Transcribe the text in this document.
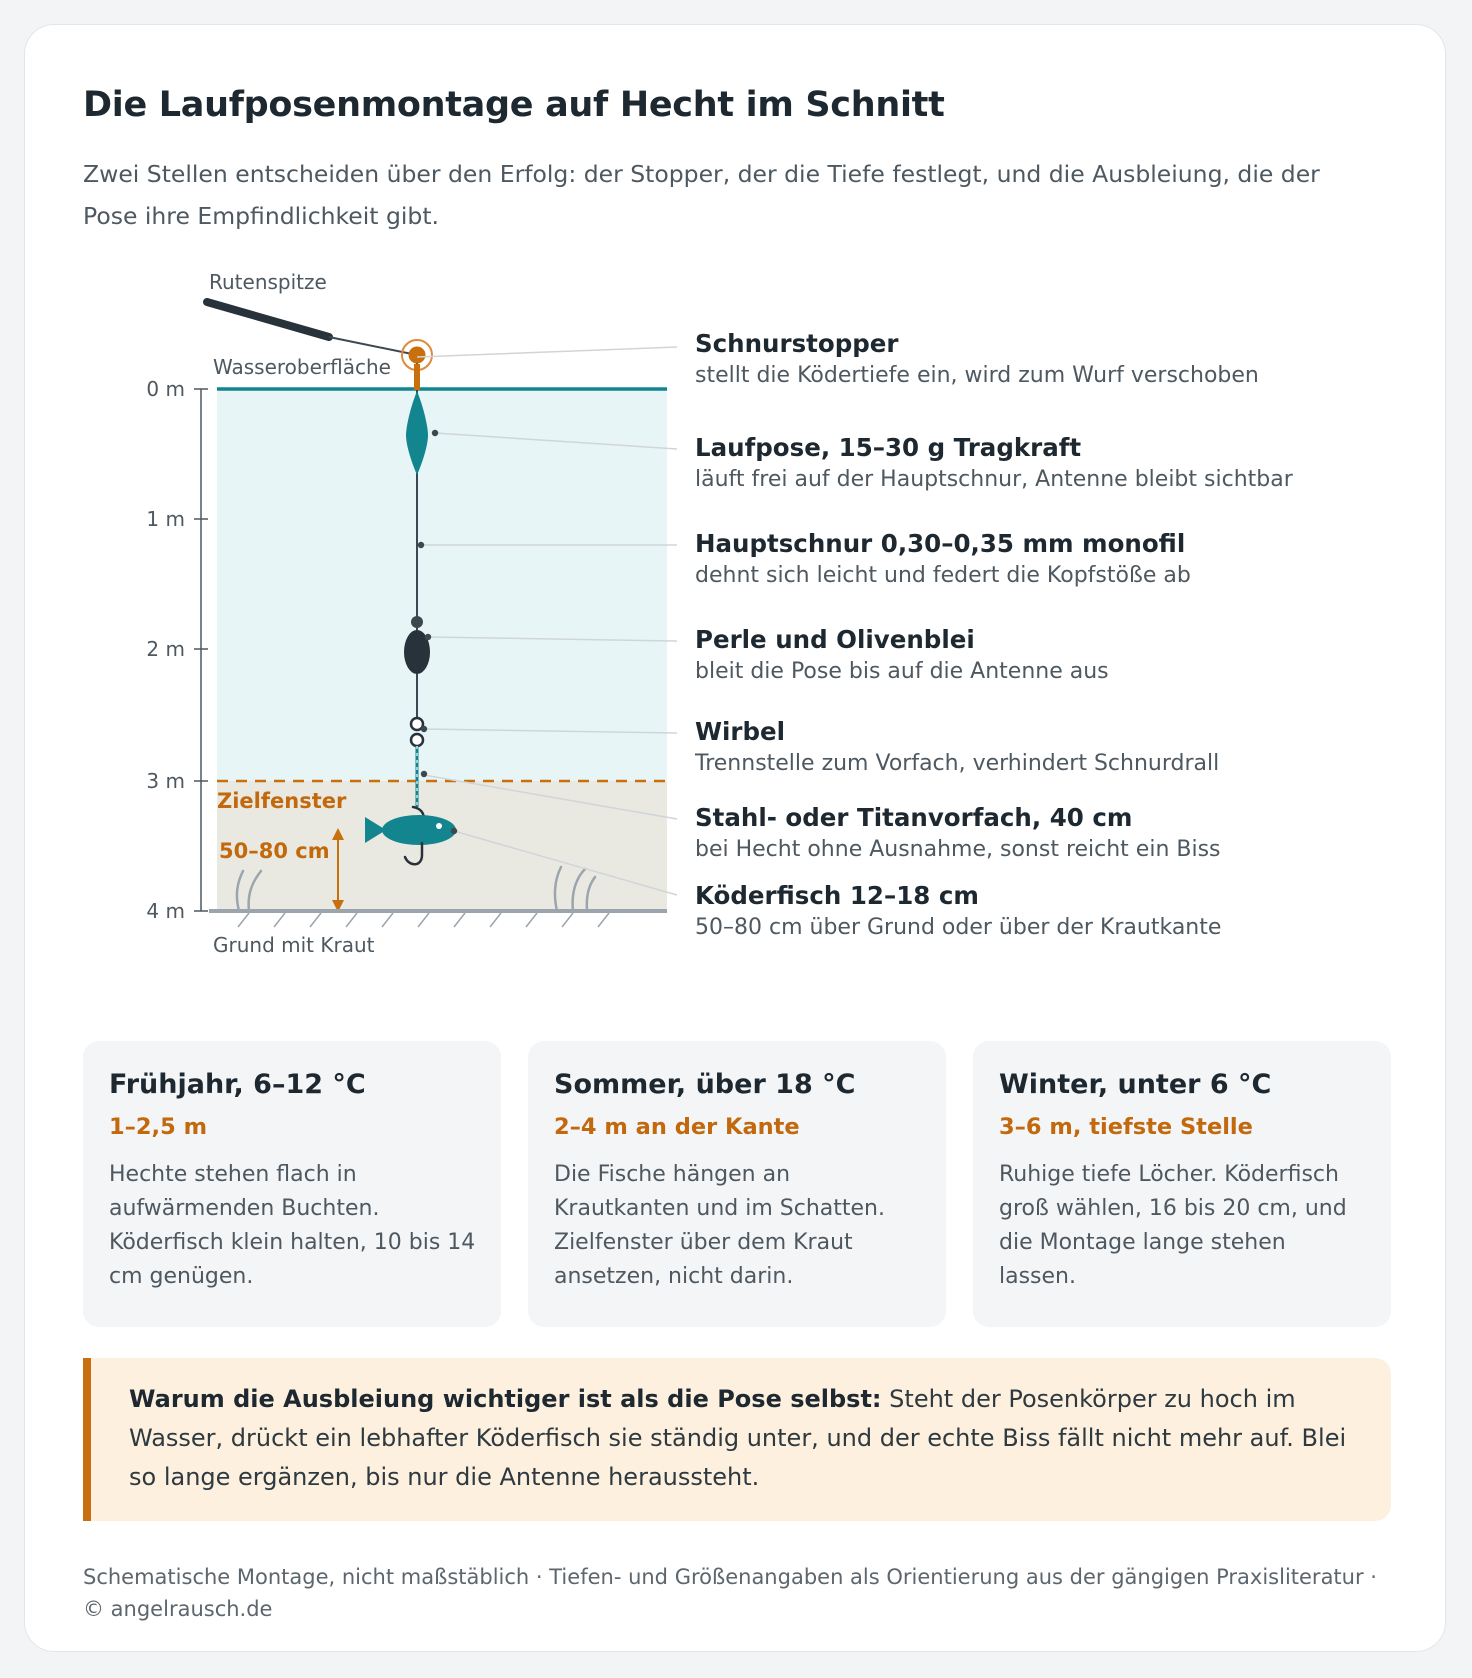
Die Laufposenmontage auf Hecht im Schnitt

Zwei Stellen entscheiden über den Erfolg: der Stopper, der die Tiefe festlegt, und die Ausbleiung, die der Pose ihre Empfindlichkeit gibt.

0 m
1 m
2 m
3 m
4 m
Wasseroberfläche
Rutenspitze
Zielfenster
50–80 cm
Grund mit Kraut
Schnurstopper
stellt die Ködertiefe ein, wird zum Wurf verschoben
Laufpose, 15–30 g Tragkraft
läuft frei auf der Hauptschnur, Antenne bleibt sichtbar
Hauptschnur 0,30–0,35 mm monofil
dehnt sich leicht und federt die Kopfstöße ab
Perle und Olivenblei
bleit die Pose bis auf die Antenne aus
Wirbel
Trennstelle zum Vorfach, verhindert Schnurdrall
Stahl- oder Titanvorfach, 40 cm
bei Hecht ohne Ausnahme, sonst reicht ein Biss
Köderfisch 12–18 cm
50–80 cm über Grund oder über der Krautkante
Frühjahr, 6–12 °C
1–2,5 m

Hechte stehen flach in aufwärmenden Buchten. Köderfisch klein halten, 10 bis 14 cm genügen.

Sommer, über 18 °C
2–4 m an der Kante

Die Fische hängen an Krautkanten und im Schatten. Zielfenster über dem Kraut ansetzen, nicht darin.

Winter, unter 6 °C
3–6 m, tiefste Stelle

Ruhige tiefe Löcher. Köderfisch groß wählen, 16 bis 20 cm, und die Montage lange stehen lassen.

Warum die Ausbleiung wichtiger ist als die Pose selbst: Steht der Posenkörper zu hoch im Wasser, drückt ein lebhafter Köderfisch sie ständig unter, und der echte Biss fällt nicht mehr auf. Blei so lange ergänzen, bis nur die Antenne heraussteht.
Schematische Montage, nicht maßstäblich · Tiefen- und Größenangaben als Orientierung aus der gängigen Praxisliteratur · © angelrausch.de
